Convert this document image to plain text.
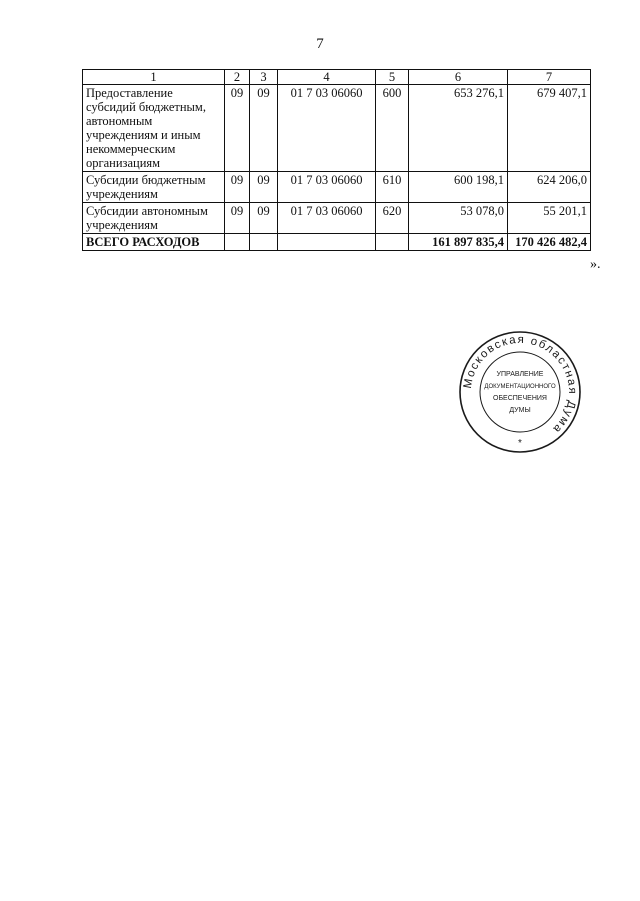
7
1	2	3	4	5	6	7
Предоставление субсидий бюджетным, автономным учреждениям и иным некоммерческим организациям	09	09	01 7 03 06060	600	653 276,1	679 407,1
Субсидии бюджетным учреждениям	09	09	01 7 03 06060	610	600 198,1	624 206,0
Субсидии автономным учреждениям	09	09	01 7 03 06060	620	53 078,0	55 201,1
ВСЕГО РАСХОДОВ					161 897 835,4	170 426 482,4
».
Московская областная Дума
УПРАВЛЕНИЕ
ДОКУМЕНТАЦИОННОГО
ОБЕСПЕЧЕНИЯ
ДУМЫ
*
